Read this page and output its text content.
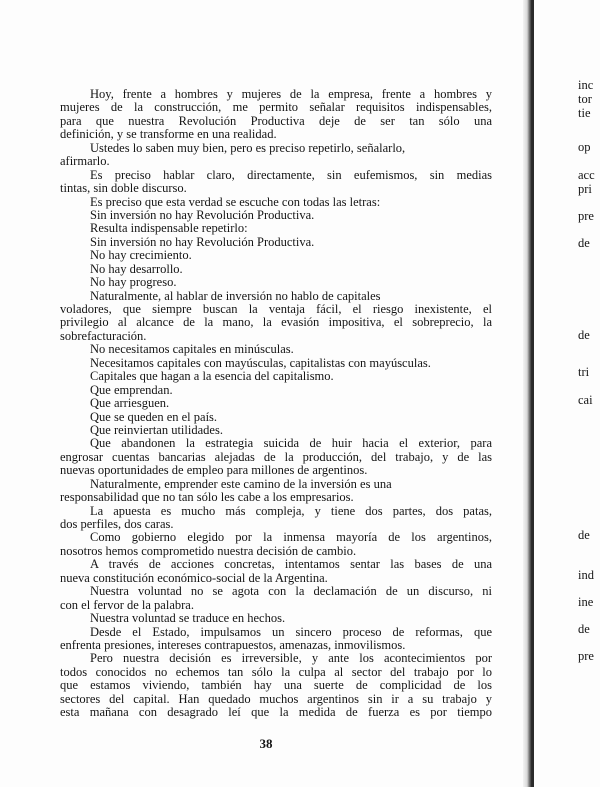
Hoy, frente a hombres y mujeres de la empresa, frente a hombres y
mujeres de la construcción, me permito señalar requisitos indispensables,
para que nuestra Revolución Productiva deje de ser tan sólo una
definición, y se transforme en una realidad.
Ustedes lo saben muy bien, pero es preciso repetirlo, señalarlo,
afirmarlo.
Es preciso hablar claro, directamente, sin eufemismos, sin medias
tintas, sin doble discurso.
Es preciso que esta verdad se escuche con todas las letras:
Sin inversión no hay Revolución Productiva.
Resulta indispensable repetirlo:
Sin inversión no hay Revolución Productiva.
No hay crecimiento.
No hay desarrollo.
No hay progreso.
Naturalmente, al hablar de inversión no hablo de capitales
voladores, que siempre buscan la ventaja fácil, el riesgo inexistente, el
privilegio al alcance de la mano, la evasión impositiva, el sobreprecio, la
sobrefacturación.
No necesitamos capitales en minúsculas.
Necesitamos capitales con mayúsculas, capitalistas con mayúsculas.
Capitales que hagan a la esencia del capitalismo.
Que emprendan.
Que arriesguen.
Que se queden en el país.
Que reinviertan utilidades.
Que abandonen la estrategia suicida de huir hacia el exterior, para
engrosar cuentas bancarias alejadas de la producción, del trabajo, y de las
nuevas oportunidades de empleo para millones de argentinos.
Naturalmente, emprender este camino de la inversión es una
responsabilidad que no tan sólo les cabe a los empresarios.
La apuesta es mucho más compleja, y tiene dos partes, dos patas,
dos perfiles, dos caras.
Como gobierno elegido por la inmensa mayoría de los argentinos,
nosotros hemos comprometido nuestra decisión de cambio.
A través de acciones concretas, intentamos sentar las bases de una
nueva constitución económico-social de la Argentina.
Nuestra voluntad no se agota con la declamación de un discurso, ni
con el fervor de la palabra.
Nuestra voluntad se traduce en hechos.
Desde el Estado, impulsamos un sincero proceso de reformas, que
enfrenta presiones, intereses contrapuestos, amenazas, inmovilismos.
Pero nuestra decisión es irreversible, y ante los acontecimientos por
todos conocidos no echemos tan sólo la culpa al sector del trabajo por lo
que estamos viviendo, también hay una suerte de complicidad de los
sectores del capital. Han quedado muchos argentinos sin ir a su trabajo y
esta mañana con desagrado leí que la medida de fuerza es por tiempo
38
inc
tor
tie
op
acc
pri
pre
de
de
tri
cai
de
ind
ine
de
pre
